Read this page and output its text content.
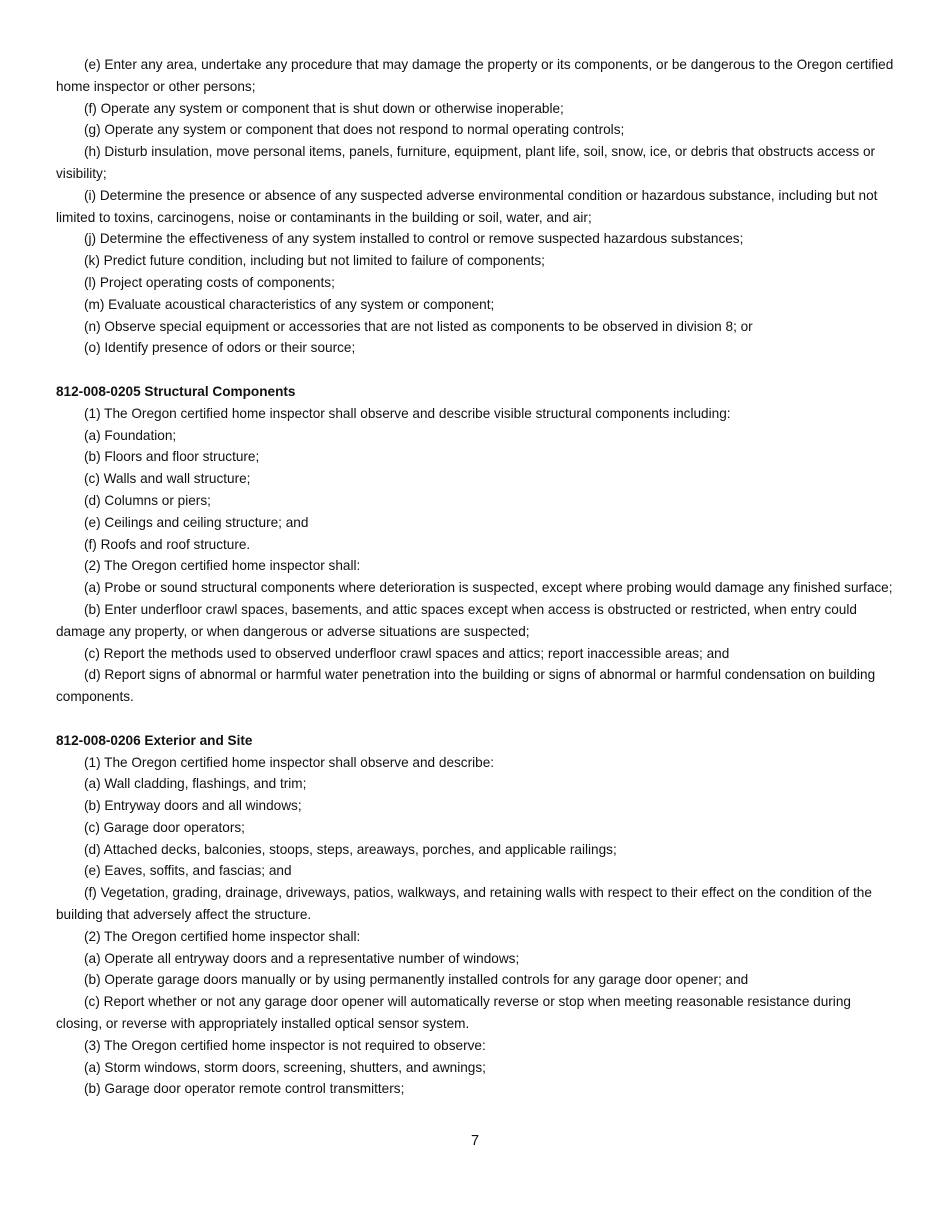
(e) Enter any area, undertake any procedure that may damage the property or its components, or be dangerous to the Oregon certified home inspector or other persons;

(f) Operate any system or component that is shut down or otherwise inoperable;

(g) Operate any system or component that does not respond to normal operating controls;

(h) Disturb insulation, move personal items, panels, furniture, equipment, plant life, soil, snow, ice, or debris that obstructs access or visibility;

(i) Determine the presence or absence of any suspected adverse environmental condition or hazardous substance, including but not limited to toxins, carcinogens, noise or contaminants in the building or soil, water, and air;

(j) Determine the effectiveness of any system installed to control or remove suspected hazardous substances;

(k) Predict future condition, including but not limited to failure of components;

(l) Project operating costs of components;

(m) Evaluate acoustical characteristics of any system or component;

(n) Observe special equipment or accessories that are not listed as components to be observed in division 8; or

(o) Identify presence of odors or their source;

812-008-0205 Structural Components

(1) The Oregon certified home inspector shall observe and describe visible structural components including:

(a) Foundation;

(b) Floors and floor structure;

(c) Walls and wall structure;

(d) Columns or piers;

(e) Ceilings and ceiling structure; and

(f) Roofs and roof structure.

(2) The Oregon certified home inspector shall:

(a) Probe or sound structural components where deterioration is suspected, except where probing would damage any finished surface;

(b) Enter underfloor crawl spaces, basements, and attic spaces except when access is obstructed or restricted, when entry could damage any property, or when dangerous or adverse situations are suspected;

(c) Report the methods used to observed underfloor crawl spaces and attics; report inaccessible areas; and

(d) Report signs of abnormal or harmful water penetration into the building or signs of abnormal or harmful condensation on building components.

812-008-0206 Exterior and Site

(1) The Oregon certified home inspector shall observe and describe:

(a) Wall cladding, flashings, and trim;

(b) Entryway doors and all windows;

(c) Garage door operators;

(d) Attached decks, balconies, stoops, steps, areaways, porches, and applicable railings;

(e) Eaves, soffits, and fascias; and

(f) Vegetation, grading, drainage, driveways, patios, walkways, and retaining walls with respect to their effect on the condition of the building that adversely affect the structure.

(2) The Oregon certified home inspector shall:

(a) Operate all entryway doors and a representative number of windows;

(b) Operate garage doors manually or by using permanently installed controls for any garage door opener; and

(c) Report whether or not any garage door opener will automatically reverse or stop when meeting reasonable resistance during closing, or reverse with appropriately installed optical sensor system.

(3) The Oregon certified home inspector is not required to observe:

(a) Storm windows, storm doors, screening, shutters, and awnings;

(b) Garage door operator remote control transmitters;

7
